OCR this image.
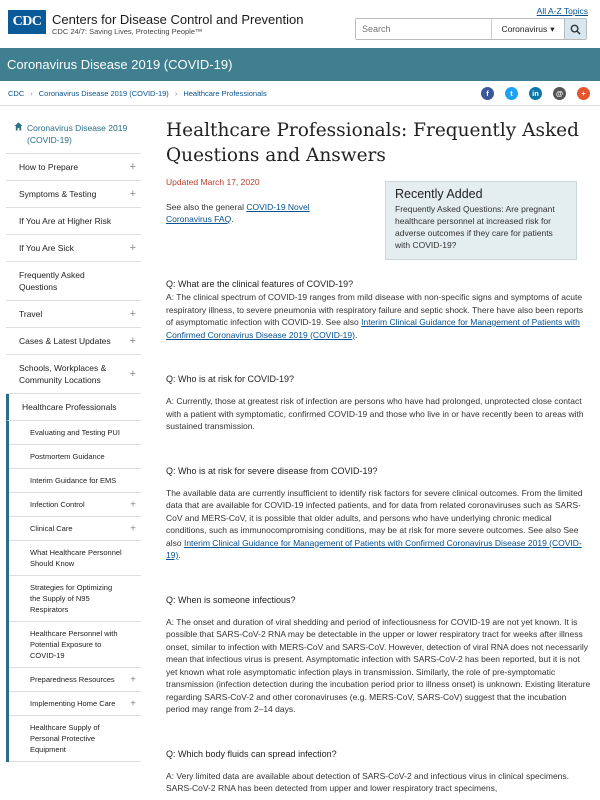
CDC Centers for Disease Control and Prevention
CDC 24/7: Saving Lives, Protecting People™
All A-Z Topics
Search
Coronavirus ▾
Coronavirus Disease 2019 (COVID-19)
CDC › Coronavirus Disease 2019 (COVID-19) › Healthcare Professionals	f	t	in	@	+
Coronavirus Disease 2019 (COVID-19)
How to Prepare	+
Symptoms & Testing	+
If You Are at Higher Risk
If You Are Sick	+
Frequently Asked Questions
Travel	+
Cases & Latest Updates +
Schools, Workplaces & Community Locations	+
Healthcare Professionals
Evaluating and Testing PUI
Postmortem Guidance
Interim Guidance for EMS
Infection Control	+
Clinical Care	+
What Healthcare Personnel Should Know
Strategies for Optimizing the Supply of N95 Respirators
Healthcare Personnel with Potential Exposure to COVID-19
Preparedness Resources +
Implementing Home Care +
Healthcare Supply of Personal Protective Equipment
Healthcare Professionals: Frequently Asked Questions and Answers
Updated March 17, 2020
See also the general COVID-19 Novel Coronavirus FAQ.
Recently Added
Frequently Asked Questions: Are pregnant healthcare personnel at increased risk for adverse outcomes if they care for patients with COVID-19?
Q: What are the clinical features of COVID-19?
A: The clinical spectrum of COVID-19 ranges from mild disease with non-specific signs and symptoms of acute respiratory illness, to severe pneumonia with respiratory failure and septic shock. There have also been reports of asymptomatic infection with COVID-19. See also Interim Clinical Guidance for Management of Patients with Confirmed Coronavirus Disease 2019 (COVID-19).
Q: Who is at risk for COVID-19?
A: Currently, those at greatest risk of infection are persons who have had prolonged, unprotected close contact with a patient with symptomatic, confirmed COVID-19 and those who live in or have recently been to areas with sustained transmission.
Q: Who is at risk for severe disease from COVID-19?
The available data are currently insufficient to identify risk factors for severe clinical outcomes. From the limited data that are available for COVID-19 infected patients, and for data from related coronaviruses such as SARS-CoV and MERS-CoV, it is possible that older adults, and persons who have underlying chronic medical conditions, such as immunocompromising conditions, may be at risk for more severe outcomes. See also See also Interim Clinical Guidance for Management of Patients with Confirmed Coronavirus Disease 2019 (COVID-19).
Q: When is someone infectious?
A: The onset and duration of viral shedding and period of infectiousness for COVID-19 are not yet known. It is possible that SARS-CoV-2 RNA may be detectable in the upper or lower respiratory tract for weeks after illness onset, similar to infection with MERS-CoV and SARS-CoV. However, detection of viral RNA does not necessarily mean that infectious virus is present. Asymptomatic infection with SARS-CoV-2 has been reported, but it is not yet known what role asymptomatic infection plays in transmission. Similarly, the role of pre-symptomatic transmission (infection detection during the incubation period prior to illness onset) is unknown. Existing literature regarding SARS-CoV-2 and other coronaviruses (e.g. MERS-CoV, SARS-CoV) suggest that the incubation period may range from 2–14 days.
Q: Which body fluids can spread infection?
A: Very limited data are available about detection of SARS-CoV-2 and infectious virus in clinical specimens. SARS-CoV-2 RNA has been detected from upper and lower respiratory tract specimens,
